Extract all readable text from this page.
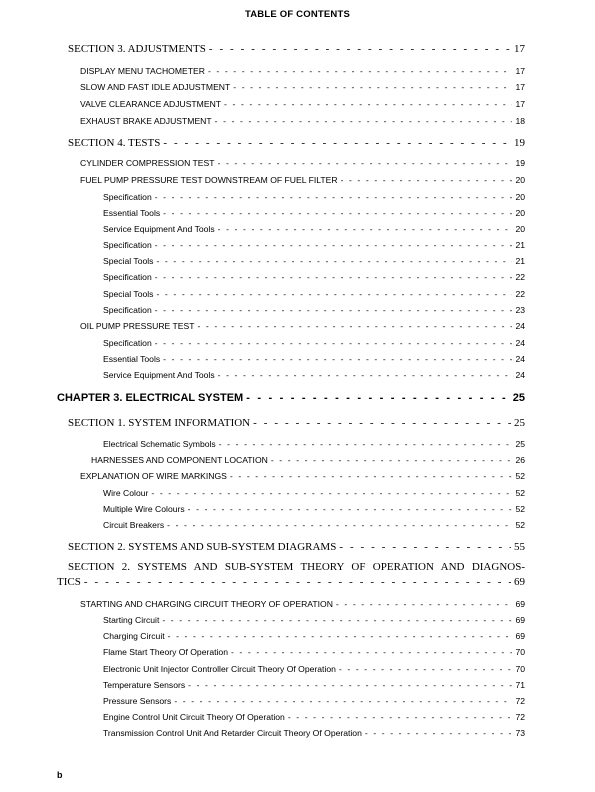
TABLE OF CONTENTS
SECTION 3. ADJUSTMENTS - - -	17
DISPLAY MENU TACHOMETER - - -	17
SLOW AND FAST IDLE ADJUSTMENT - - -	17
VALVE CLEARANCE ADJUSTMENT - - -	17
EXHAUST BRAKE ADJUSTMENT - - -	18
SECTION 4. TESTS - - -	19
CYLINDER COMPRESSION TEST - - -	19
FUEL PUMP PRESSURE TEST DOWNSTREAM OF FUEL FILTER - - -	20
Specification - - -	20
Essential Tools - - -	20
Service Equipment And Tools - - -	20
Specification - - -	21
Special Tools - - -	21
Specification - - -	22
Special Tools - - -	22
Specification - - -	23
OIL PUMP PRESSURE TEST - - -	24
Specification - - -	24
Essential Tools - - -	24
Service Equipment And Tools - - -	24
CHAPTER 3. ELECTRICAL SYSTEM - - -	25
SECTION 1. SYSTEM INFORMATION - - -	25
Electrical Schematic Symbols - - -	25
HARNESSES AND COMPONENT LOCATION - - -	26
EXPLANATION OF WIRE MARKINGS - - -	52
Wire Colour - - -	52
Multiple Wire Colours - - -	52
Circuit Breakers - - -	52
SECTION 2. SYSTEMS AND SUB-SYSTEM DIAGRAMS - - -	55
SECTION 2. SYSTEMS AND SUB-SYSTEM THEORY OF OPERATION AND DIAGNOS-
TICS - - -	69
STARTING AND CHARGING CIRCUIT THEORY OF OPERATION - - -	69
Starting Circuit - - -	69
Charging Circuit - - -	69
Flame Start Theory Of Operation - - -	70
Electronic Unit Injector Controller Circuit Theory Of Operation - - -	70
Temperature Sensors - - -	71
Pressure Sensors - - -	72
Engine Control Unit Circuit Theory Of Operation - - -	72
Transmission Control Unit And Retarder Circuit Theory Of Operation - - -	73
b
